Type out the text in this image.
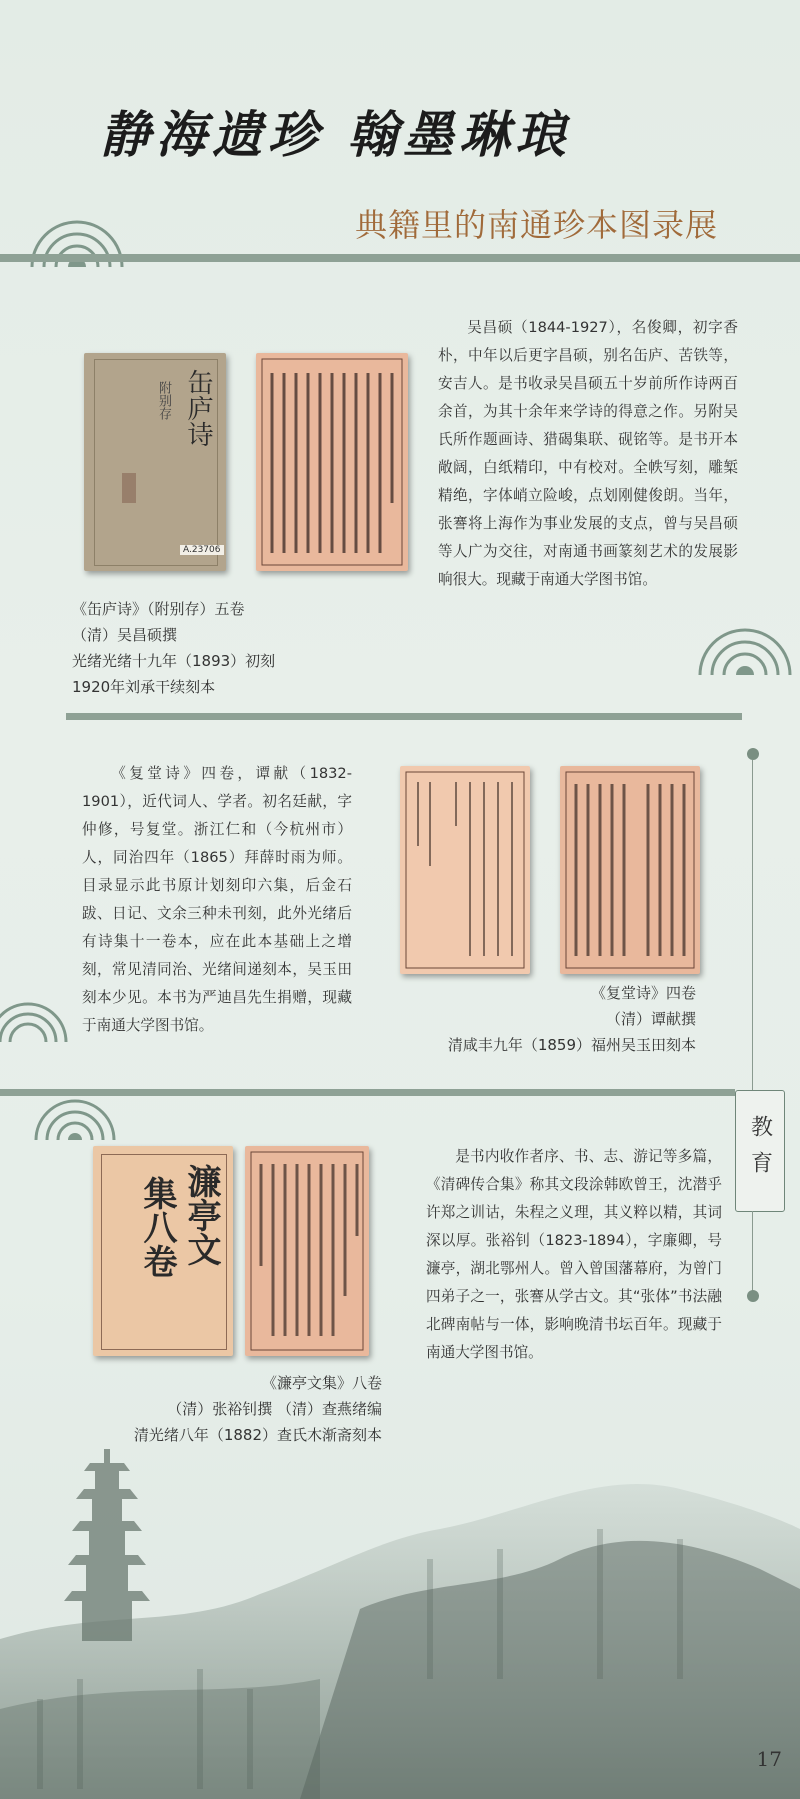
静海遗珍 翰墨琳琅
典籍里的南通珍本图录展
缶庐诗
附别存
A.23706
吴昌硕（1844-1927），名俊卿，初字香朴，中年以后更字昌硕，别名缶庐、苦铁等，安吉人。是书收录吴昌硕五十岁前所作诗两百余首，为其十余年来学诗的得意之作。另附吴氏所作题画诗、猎碣集联、砚铭等。是书开本敞阔，白纸精印，中有校对。全帙写刻，雕椠精绝，字体峭立险峻，点划刚健俊朗。当年，张謇将上海作为事业发展的支点，曾与吴昌硕等人广为交往，对南通书画篆刻艺术的发展影响很大。现藏于南通大学图书馆。
《缶庐诗》（附别存）五卷
（清）吴昌硕撰
光绪光绪十九年（1893）初刻
1920年刘承干续刻本
《复堂诗》四卷，谭献（1832-1901），近代词人、学者。初名廷献，字仲修，号复堂。浙江仁和（今杭州市）人，同治四年（1865）拜薛时雨为师。目录显示此书原计划刻印六集，后金石跋、日记、文余三种未刊刻，此外光绪后有诗集十一卷本，应在此本基础上之增刻，常见清同治、光绪间递刻本，吴玉田刻本少见。本书为严迪昌先生捐赠，现藏于南通大学图书馆。
《复堂诗》四卷
（清）谭献撰
清咸丰九年（1859）福州吴玉田刻本
教育
濂亭文
集八卷
是书内收作者序、书、志、游记等多篇，《清碑传合集》称其文段涂韩欧曾王，沈潜乎许郑之训诂，朱程之义理，其义粹以精，其词深以厚。张裕钊（1823-1894），字廉卿，号濂亭，湖北鄂州人。曾入曾国藩幕府，为曾门四弟子之一，张謇从学古文。其“张体”书法融北碑南帖与一体，影响晚清书坛百年。现藏于南通大学图书馆。
《濂亭文集》八卷
（清）张裕钊撰 （清）查燕绪编
清光绪八年（1882）查氏木渐斋刻本
17
